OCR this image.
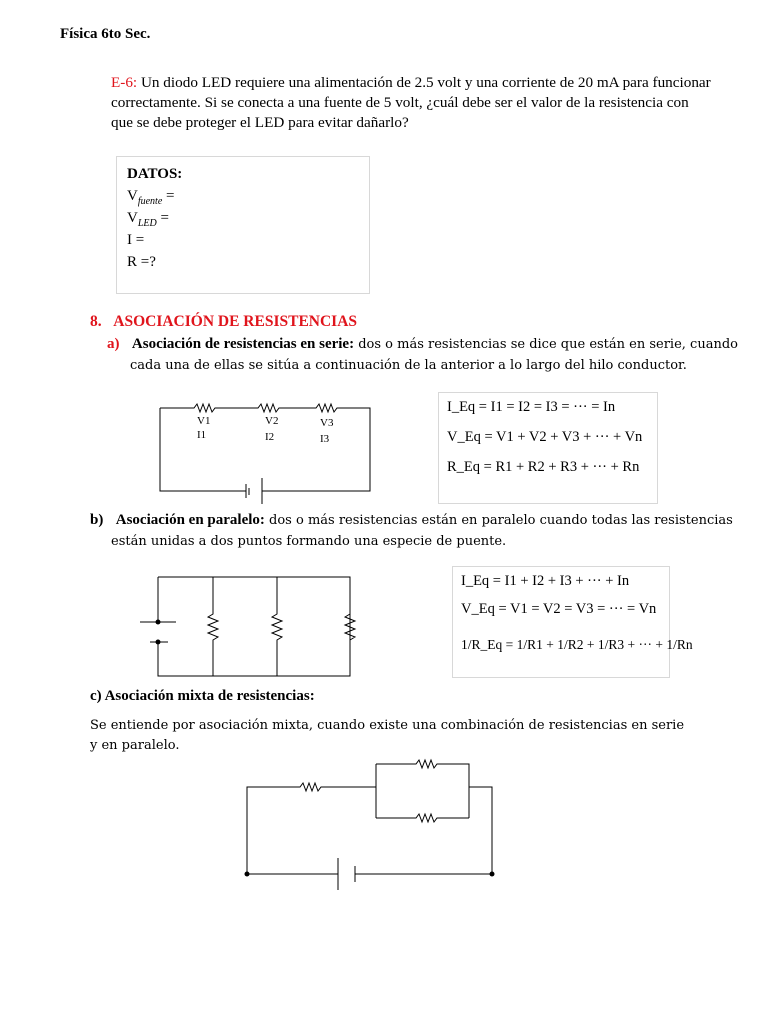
Física 6to Sec.
E-6: Un diodo LED requiere una alimentación de 2.5 volt y una corriente de 20 mA para funcionar correctamente. Si se conecta a una fuente de 5 volt, ¿cuál debe ser el valor de la resistencia con que se debe proteger el LED para evitar dañarlo?
DATOS:
$V_{fuente}$ =
$V_{LED}$ =
I =
R =?
8. ASOCIACIÓN DE RESISTENCIAS
a) Asociación de resistencias en serie: dos o más resistencias se dice que están en serie, cuando cada una de ellas se sitúa a continuación de la anterior a lo largo del hilo conductor.
V1
I1
V2
I2
V3
I3
I_Eq = I1 = I2 = I3 = ··· = In
V_Eq = V1 + V2 + V3 + ··· + Vn
R_Eq = R1 + R2 + R3 + ··· + Rn
b) Asociación en paralelo: dos o más resistencias están en paralelo cuando todas las resistencias están unidas a dos puntos formando una especie de puente.
I_Eq = I1 + I2 + I3 + ··· + In
V_Eq = V1 = V2 = V3 = ··· = Vn
1/R_Eq = 1/R1 + 1/R2 + 1/R3 + ··· + 1/Rn
c) Asociación mixta de resistencias:
Se entiende por asociación mixta, cuando existe una combinación de resistencias en serie y en paralelo.
